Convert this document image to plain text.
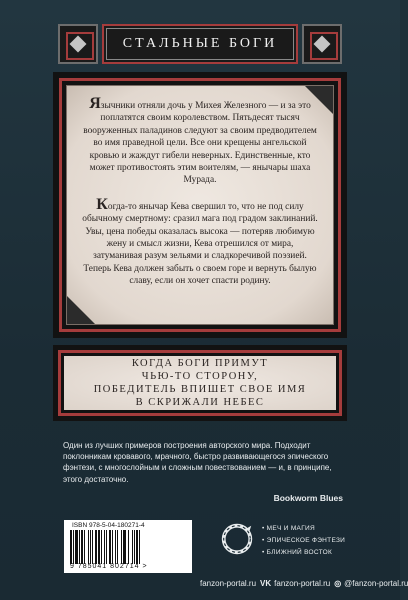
СТАЛЬНЫЕ БОГИ

Язычники отняли дочь у Михея Железного — и за это поплатятся своим королевством. Пятьдесят тысяч вооруженных паладинов следуют за своим предводителем во имя праведной цели. Все они крещены ангельской кровью и жаждут гибели неверных. Единственные, кто может противостоять этим воителям, — янычары шаха Мурада.

Когда-то янычар Кева свершил то, что не под силу обычному смертному: сразил мага под градом заклинаний. Увы, цена победы оказалась высока — потеряв любимую жену и смысл жизни, Кева отрешился от мира, затуманивая разум зельями и сладкоречивой поэзией. Теперь Кева должен забыть о своем горе и вернуть былую славу, если он хочет спасти родину.

КОГДА БОГИ ПРИМУТ
ЧЬЮ-ТО СТОРОНУ,
ПОБЕДИТЕЛЬ ВПИШЕТ СВОЕ ИМЯ
В СКРИЖАЛИ НЕБЕС
Один из лучших примеров построения авторского мира. Подходит поклонникам кровавого, мрачного, быстро развивающегося эпического фэнтези, с многослойным и сложным повествованием — и, в принципе, этого достаточно.
Bookworm Blues
ISBN 978-5-04-180271-4
9 785041 802714 >
• МЕЧ И МАГИЯ
• ЭПИЧЕСКОЕ ФЭНТЕЗИ
• БЛИЖНИЙ ВОСТОК
fanzon-portal.ru VK fanzon-portal.ru ◎ @fanzon-portal.ru
